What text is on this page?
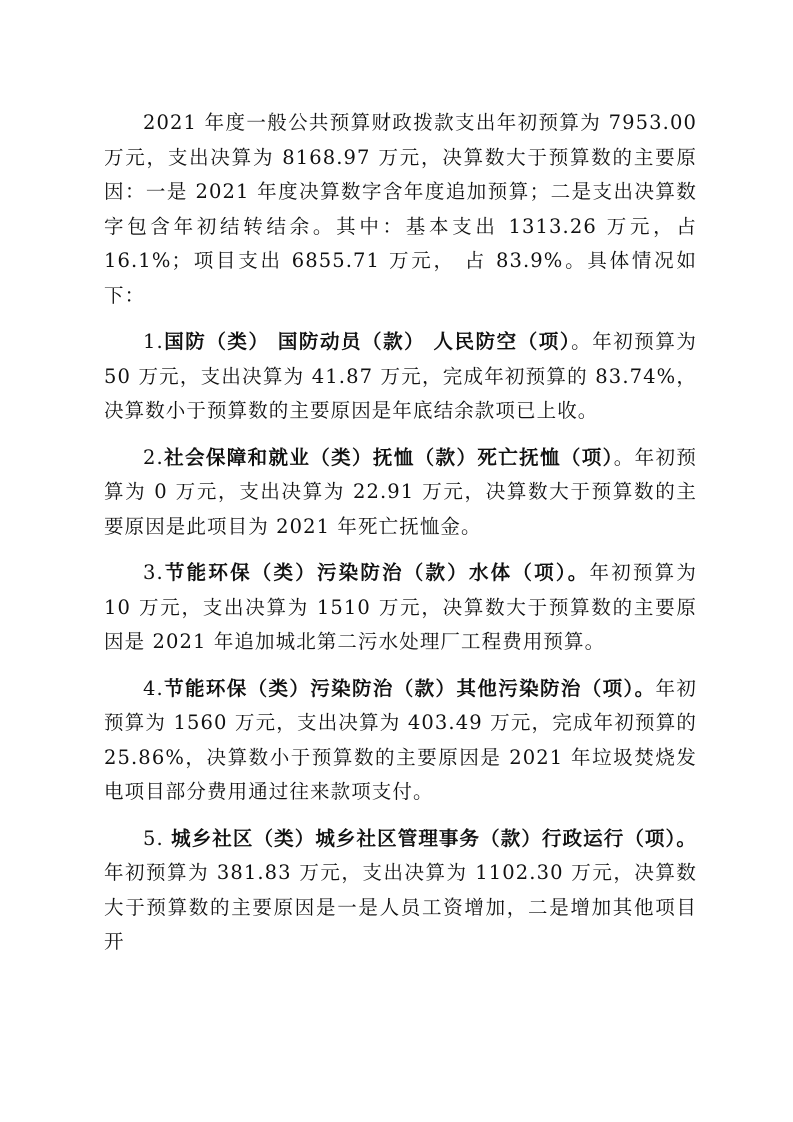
2021 年度一般公共预算财政拨款支出年初预算为 7953.00 万元，支出决算为 8168.97 万元，决算数大于预算数的主要原因：一是 2021 年度决算数字含年度追加预算；二是支出决算数字包含年初结转结余。其中：基本支出 1313.26 万元，占 16.1%；项目支出 6855.71 万元， 占 83.9%。具体情况如下：

1.国防（类） 国防动员（款） 人民防空（项）。年初预算为 50 万元，支出决算为 41.87 万元，完成年初预算的 83.74%，决算数小于预算数的主要原因是年底结余款项已上收。

2.社会保障和就业（类）抚恤（款）死亡抚恤（项）。年初预算为 0 万元，支出决算为 22.91 万元，决算数大于预算数的主要原因是此项目为 2021 年死亡抚恤金。

3.节能环保（类）污染防治（款）水体（项）。年初预算为 10 万元，支出决算为 1510 万元，决算数大于预算数的主要原因是 2021 年追加城北第二污水处理厂工程费用预算。

4.节能环保（类）污染防治（款）其他污染防治（项）。年初预算为 1560 万元，支出决算为 403.49 万元，完成年初预算的 25.86%，决算数小于预算数的主要原因是 2021 年垃圾焚烧发电项目部分费用通过往来款项支付。

5. 城乡社区（类）城乡社区管理事务（款）行政运行（项）。年初预算为 381.83 万元，支出决算为 1102.30 万元，决算数大于预算数的主要原因是一是人员工资增加，二是增加其他项目开
